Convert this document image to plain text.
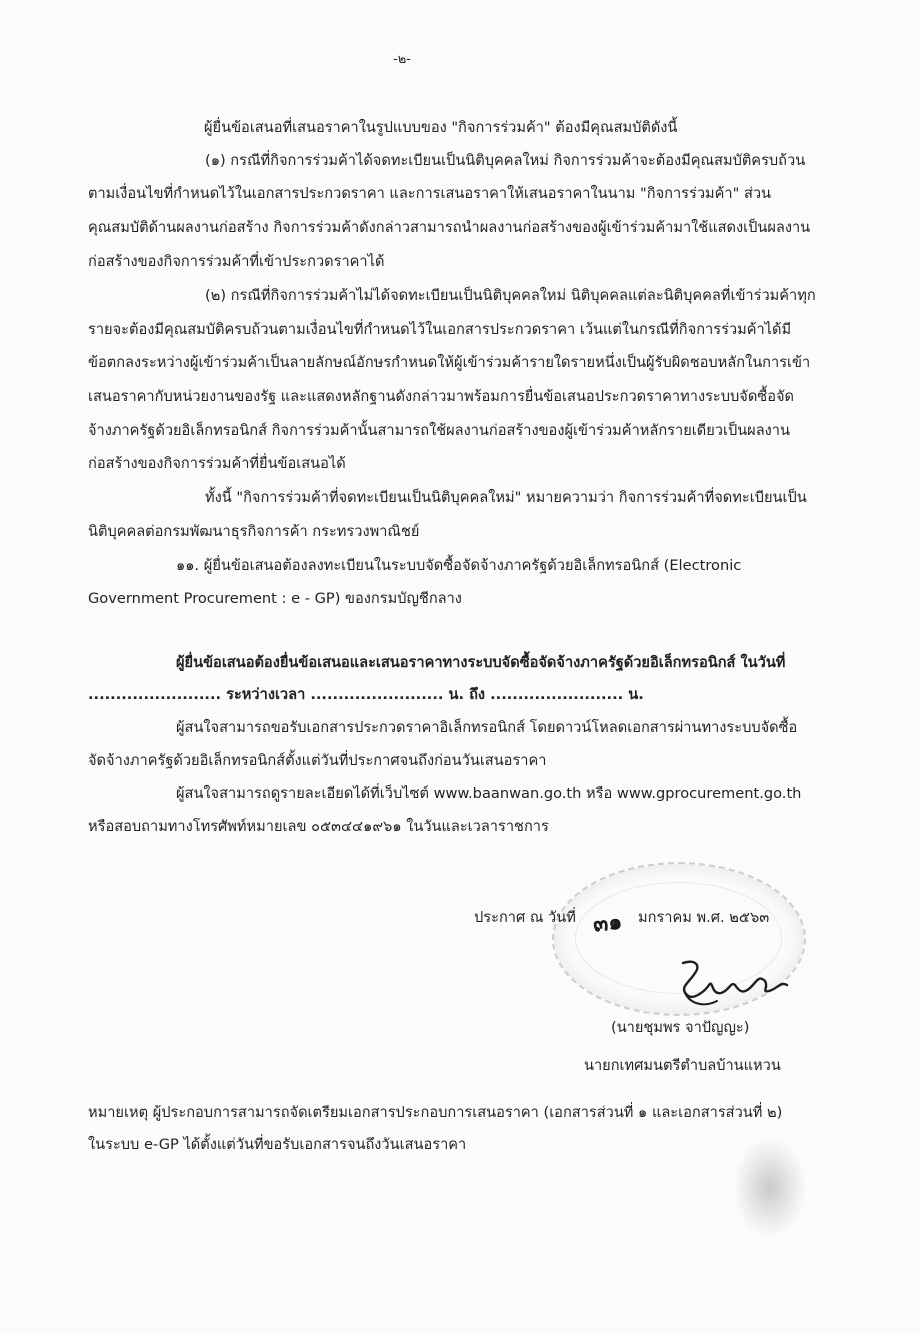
-๒-
ผู้ยื่นข้อเสนอที่เสนอราคาในรูปแบบของ "กิจการร่วมค้า" ต้องมีคุณสมบัติดังนี้
(๑) กรณีที่กิจการร่วมค้าได้จดทะเบียนเป็นนิติบุคคลใหม่ กิจการร่วมค้าจะต้องมีคุณสมบัติครบถ้วน
ตามเงื่อนไขที่กำหนดไว้ในเอกสารประกวดราคา และการเสนอราคาให้เสนอราคาในนาม "กิจการร่วมค้า" ส่วน
คุณสมบัติด้านผลงานก่อสร้าง กิจการร่วมค้าดังกล่าวสามารถนำผลงานก่อสร้างของผู้เข้าร่วมค้ามาใช้แสดงเป็นผลงาน
ก่อสร้างของกิจการร่วมค้าที่เข้าประกวดราคาได้
(๒) กรณีที่กิจการร่วมค้าไม่ได้จดทะเบียนเป็นนิติบุคคลใหม่ นิติบุคคลแต่ละนิติบุคคลที่เข้าร่วมค้าทุก
รายจะต้องมีคุณสมบัติครบถ้วนตามเงื่อนไขที่กำหนดไว้ในเอกสารประกวดราคา เว้นแต่ในกรณีที่กิจการร่วมค้าได้มี
ข้อตกลงระหว่างผู้เข้าร่วมค้าเป็นลายลักษณ์อักษรกำหนดให้ผู้เข้าร่วมค้ารายใดรายหนึ่งเป็นผู้รับผิดชอบหลักในการเข้า
เสนอราคากับหน่วยงานของรัฐ และแสดงหลักฐานดังกล่าวมาพร้อมการยื่นข้อเสนอประกวดราคาทางระบบจัดซื้อจัด
จ้างภาครัฐด้วยอิเล็กทรอนิกส์ กิจการร่วมค้านั้นสามารถใช้ผลงานก่อสร้างของผู้เข้าร่วมค้าหลักรายเดียวเป็นผลงาน
ก่อสร้างของกิจการร่วมค้าที่ยื่นข้อเสนอได้
ทั้งนี้ "กิจการร่วมค้าที่จดทะเบียนเป็นนิติบุคคลใหม่" หมายความว่า กิจการร่วมค้าที่จดทะเบียนเป็น
นิติบุคคลต่อกรมพัฒนาธุรกิจการค้า กระทรวงพาณิชย์
๑๑. ผู้ยื่นข้อเสนอต้องลงทะเบียนในระบบจัดซื้อจัดจ้างภาครัฐด้วยอิเล็กทรอนิกส์ (Electronic
Government Procurement : e - GP) ของกรมบัญชีกลาง
ผู้ยื่นข้อเสนอต้องยื่นข้อเสนอและเสนอราคาทางระบบจัดซื้อจัดจ้างภาครัฐด้วยอิเล็กทรอนิกส์ ในวันที่
........................ ระหว่างเวลา ........................ น. ถึง ........................ น.
ผู้สนใจสามารถขอรับเอกสารประกวดราคาอิเล็กทรอนิกส์ โดยดาวน์โหลดเอกสารผ่านทางระบบจัดซื้อ
จัดจ้างภาครัฐด้วยอิเล็กทรอนิกส์ตั้งแต่วันที่ประกาศจนถึงก่อนวันเสนอราคา
ผู้สนใจสามารถดูรายละเอียดได้ที่เว็บไซต์ www.baanwan.go.th หรือ www.gprocurement.go.th
หรือสอบถามทางโทรศัพท์หมายเลข ๐๕๓๔๔๑๙๖๑ ในวันและเวลาราชการ
ประกาศ ณ วันที่ ๓๑ มกราคม พ.ศ. ๒๕๖๓
(นายชุมพร จาปัญญะ)
นายกเทศมนตรีตำบลบ้านแหวน
หมายเหตุ ผู้ประกอบการสามารถจัดเตรียมเอกสารประกอบการเสนอราคา (เอกสารส่วนที่ ๑ และเอกสารส่วนที่ ๒)
ในระบบ e-GP ได้ตั้งแต่วันที่ขอรับเอกสารจนถึงวันเสนอราคา
